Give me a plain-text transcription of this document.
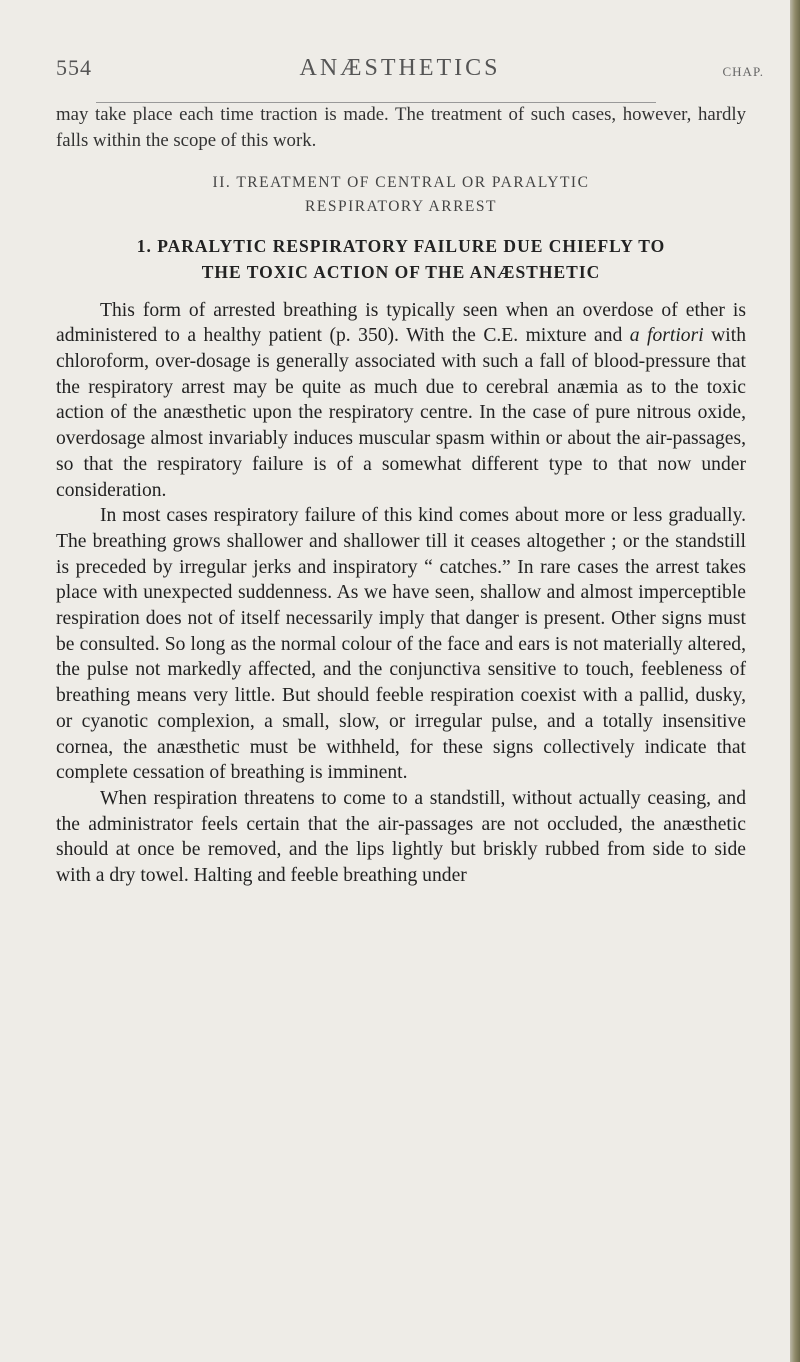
554	ANÆSTHETICS	CHAP.

may take place each time traction is made. The treatment of such cases, however, hardly falls within the scope of this work.

II. TREATMENT OF CENTRAL OR PARALYTIC
RESPIRATORY ARREST
1. PARALYTIC RESPIRATORY FAILURE DUE CHIEFLY TO
THE TOXIC ACTION OF THE ANÆSTHETIC

This form of arrested breathing is typically seen when an overdose of ether is administered to a healthy patient (p. 350). With the C.E. mixture and a fortiori with chloroform, over-dosage is generally associated with such a fall of blood-pressure that the respiratory arrest may be quite as much due to cerebral anæmia as to the toxic action of the anæsthetic upon the respiratory centre. In the case of pure nitrous oxide, overdosage almost invariably induces muscular spasm within or about the air-passages, so that the respiratory failure is of a somewhat different type to that now under consideration.

In most cases respiratory failure of this kind comes about more or less gradually. The breathing grows shallower and shallower till it ceases altogether ; or the standstill is preceded by irregular jerks and inspiratory “ catches.” In rare cases the arrest takes place with unexpected suddenness. As we have seen, shallow and almost imperceptible respiration does not of itself necessarily imply that danger is present. Other signs must be consulted. So long as the normal colour of the face and ears is not materially altered, the pulse not markedly affected, and the conjunctiva sensitive to touch, feebleness of breathing means very little. But should feeble respiration coexist with a pallid, dusky, or cyanotic complexion, a small, slow, or irregular pulse, and a totally insensitive cornea, the anæsthetic must be withheld, for these signs collectively indicate that complete cessation of breathing is imminent.

When respiration threatens to come to a standstill, without actually ceasing, and the administrator feels certain that the air-passages are not occluded, the anæsthetic should at once be removed, and the lips lightly but briskly rubbed from side to side with a dry towel. Halting and feeble breathing under
